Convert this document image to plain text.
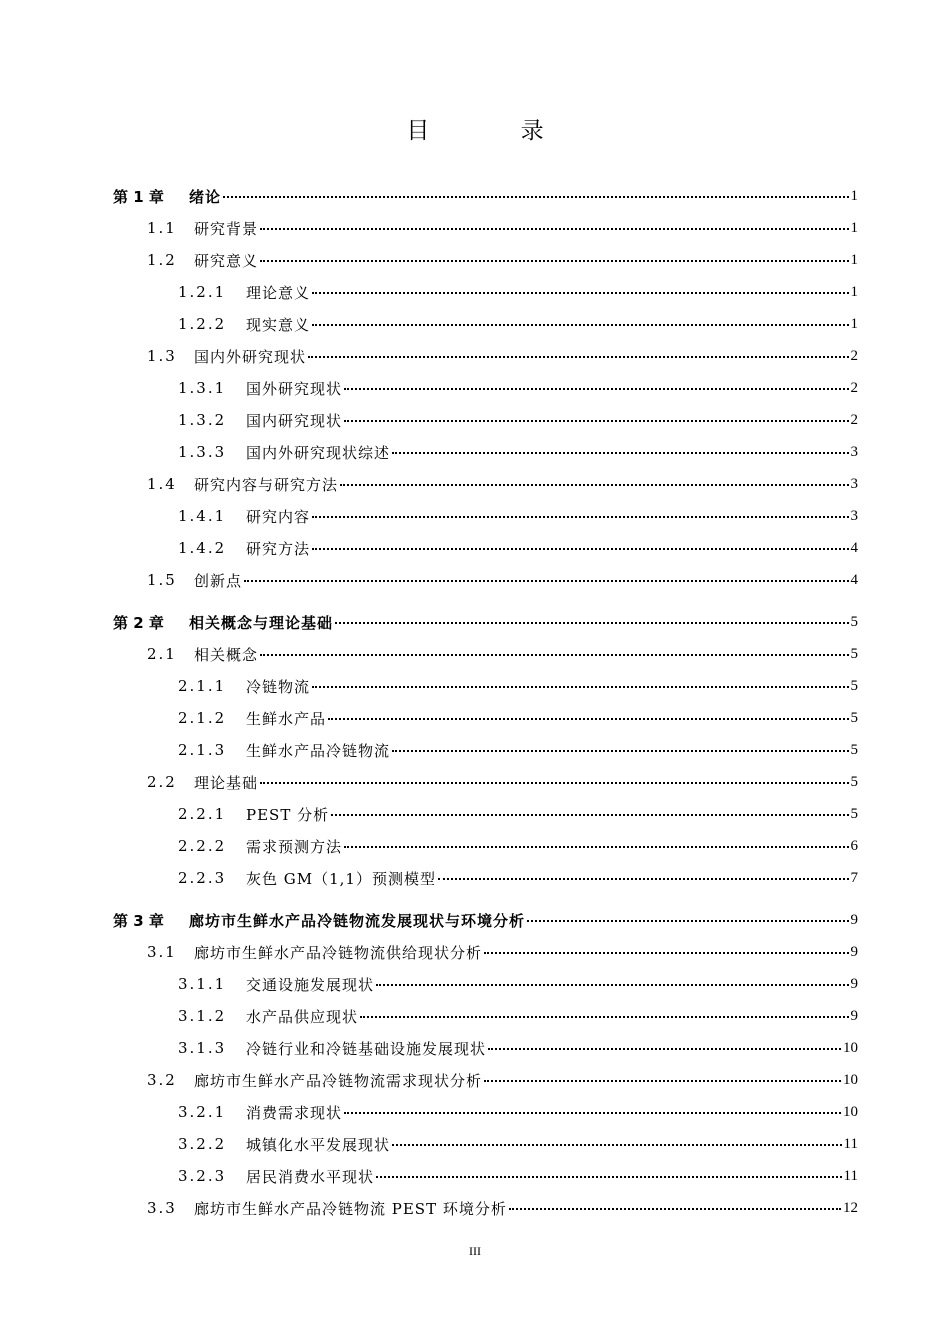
目 录
第 1 章	绪论	1
1.1	研究背景	1
1.2	研究意义	1
1.2.1	理论意义	1
1.2.2	现实意义	1
1.3	国内外研究现状	2
1.3.1	国外研究现状	2
1.3.2	国内研究现状	2
1.3.3	国内外研究现状综述	3
1.4	研究内容与研究方法	3
1.4.1	研究内容	3
1.4.2	研究方法	4
1.5	创新点	4
第 2 章	相关概念与理论基础	5
2.1	相关概念	5
2.1.1	冷链物流	5
2.1.2	生鲜水产品	5
2.1.3	生鲜水产品冷链物流	5
2.2	理论基础	5
2.2.1	PEST 分析	5
2.2.2	需求预测方法	6
2.2.3	灰色 GM（1,1）预测模型	7
第 3 章	廊坊市生鲜水产品冷链物流发展现状与环境分析	9
3.1	廊坊市生鲜水产品冷链物流供给现状分析	9
3.1.1	交通设施发展现状	9
3.1.2	水产品供应现状	9
3.1.3	冷链行业和冷链基础设施发展现状	10
3.2	廊坊市生鲜水产品冷链物流需求现状分析	10
3.2.1	消费需求现状	10
3.2.2	城镇化水平发展现状	11
3.2.3	居民消费水平现状	11
3.3	廊坊市生鲜水产品冷链物流 PEST 环境分析	12
III
